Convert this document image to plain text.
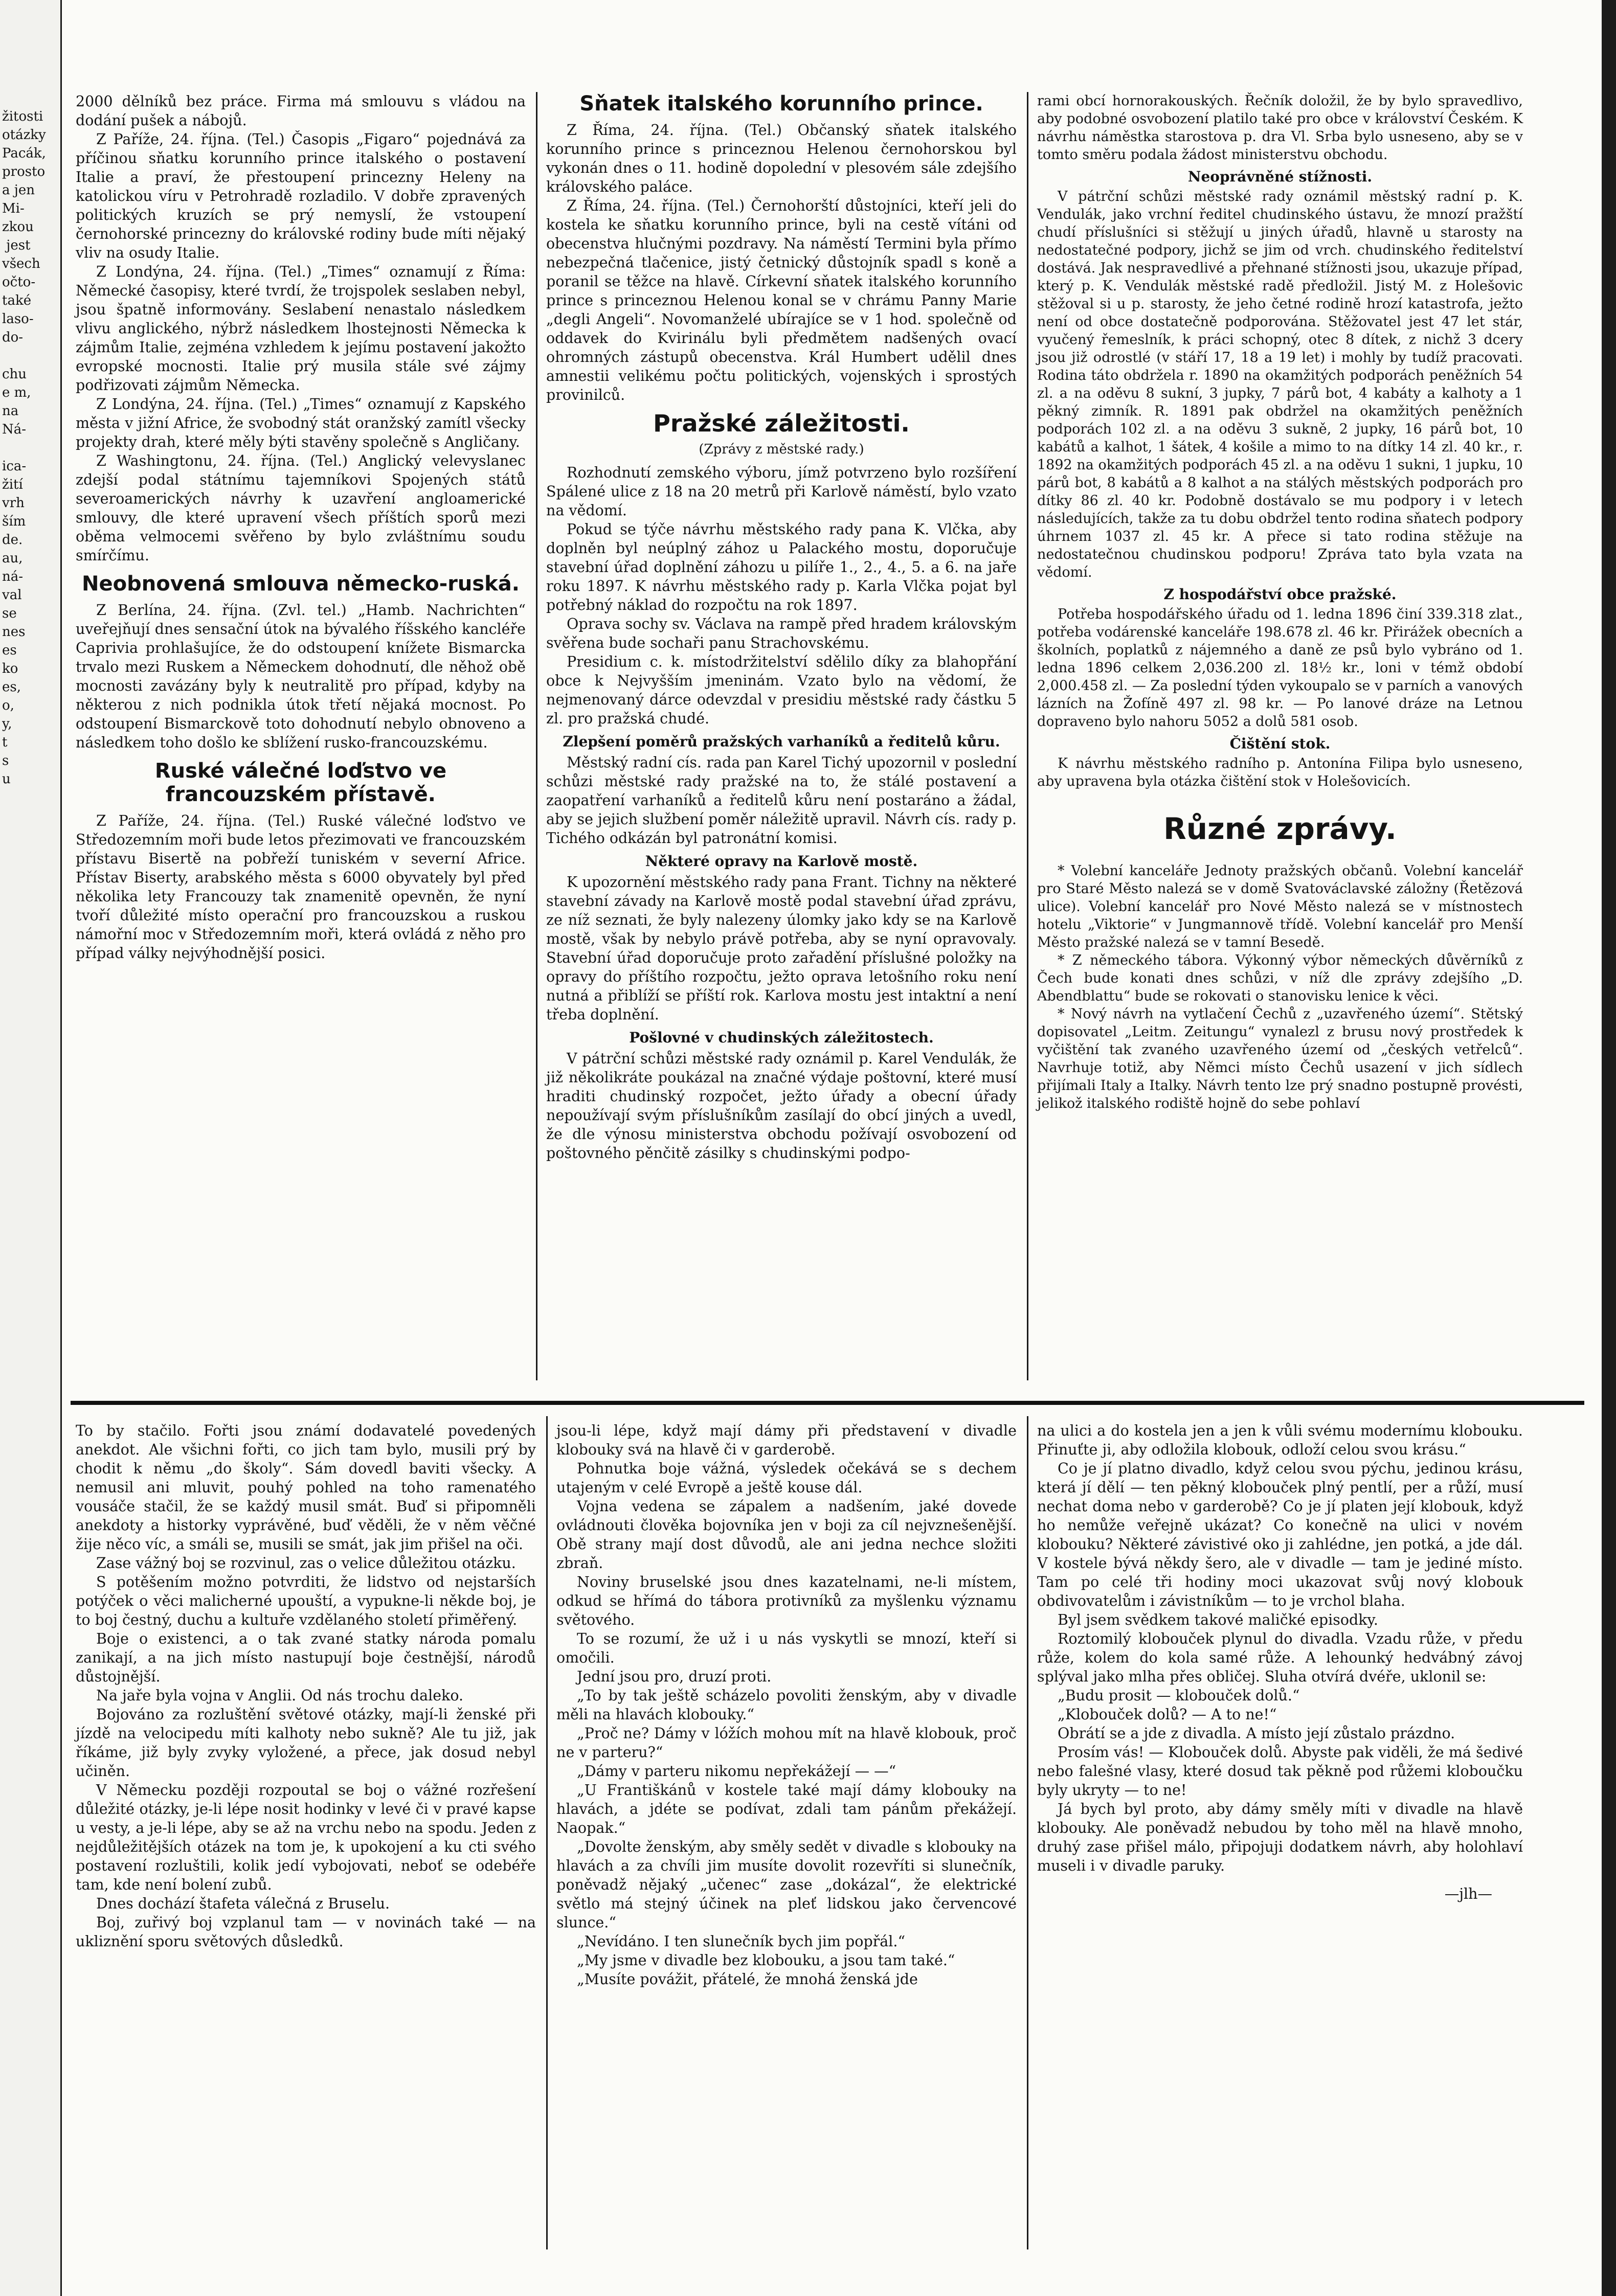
žitosti
otázky
Pacák,
prosto
a jen
Mi-
zkou
jest
všech
očto-
také
laso-
do-

chu
e m,
na
Ná-

ica-
žití
vrh
ším
de.
au,
ná-
val
se
nes
es
ko
es,
o,
y,
t
s
u

2000 dělníků bez práce. Firma má smlouvu s vládou na dodání pušek a nábojů.

Z Paříže, 24. října. (Tel.) Časopis „Figaro“ pojednává za příčinou sňatku korunního prince italského o postavení Italie a praví, že přestoupení princezny Heleny na katolickou víru v Petrohradě rozladilo. V dobře zpravených politických kruzích se prý nemyslí, že vstoupení černohorské princezny do královské rodiny bude míti nějaký vliv na osudy Italie.

Z Londýna, 24. října. (Tel.) „Times“ oznamují z Říma: Německé časopisy, které tvrdí, že trojspolek seslaben nebyl, jsou špatně informovány. Seslabení nenastalo následkem vlivu anglického, nýbrž následkem lhostejnosti Německa k zájmům Italie, zejména vzhledem k jejímu postavení jakožto evropské mocnosti. Italie prý musila stále své zájmy podřizovati zájmům Německa.

Z Londýna, 24. října. (Tel.) „Times“ oznamují z Kapského města v jižní Africe, že svobodný stát oranžský zamítl všecky projekty drah, které měly býti stavěny společně s Angličany.

Z Washingtonu, 24. října. (Tel.) Anglický velevyslanec zdejší podal státnímu tajemníkovi Spojených států severoamerických návrhy k uzavření angloamerické smlouvy, dle které upravení všech příštích sporů mezi oběma velmocemi svěřeno by bylo zvláštnímu soudu smírčímu.

Neobnovená smlouva německo-ruská.

Z Berlína, 24. října. (Zvl. tel.) „Hamb. Nachrichten“ uveřejňují dnes sensační útok na bývalého říšského kancléře Caprivia prohlašujíce, že do odstoupení knížete Bismarcka trvalo mezi Ruskem a Německem dohodnutí, dle něhož obě mocnosti zavázány byly k neutralitě pro případ, kdyby na některou z nich podnikla útok třetí nějaká mocnost. Po odstoupení Bismarckově toto dohodnutí nebylo obnoveno a následkem toho došlo ke sblížení rusko-francouzskému.

Ruské válečné loďstvo ve francouzském přístavě.

Z Paříže, 24. října. (Tel.) Ruské válečné loďstvo ve Středozemním moři bude letos přezimovati ve francouzském přístavu Bisertě na pobřeží tuniském v severní Africe. Přístav Biserty, arabského města s 6000 obyvately byl před několika lety Francouzy tak znamenitě opevněn, že nyní tvoří důležité místo operační pro francouzskou a ruskou námořní moc v Středozemním moři, která ovládá z něho pro případ války nejvýhodnější posici.

Sňatek italského korunního prince.

Z Říma, 24. října. (Tel.) Občanský sňatek italského korunního prince s princeznou Helenou černohorskou byl vykonán dnes o 11. hodině dopolední v plesovém sále zdejšího královského paláce.

Z Říma, 24. října. (Tel.) Černohorští důstojníci, kteří jeli do kostela ke sňatku korunního prince, byli na cestě vítáni od obecenstva hlučnými pozdravy. Na náměstí Termini byla přímo nebezpečná tlačenice, jistý četnický důstojník spadl s koně a poranil se těžce na hlavě. Církevní sňatek italského korunního prince s princeznou Helenou konal se v chrámu Panny Marie „degli Angeli“. Novomanželé ubírajíce se v 1 hod. společně od oddavek do Kvirinálu byli předmětem nadšených ovací ohromných zástupů obecenstva. Král Humbert udělil dnes amnestii velikému počtu politických, vojenských i sprostých provinilců.

Pražské záležitosti.
(Zprávy z městské rady.)

Rozhodnutí zemského výboru, jímž potvrzeno bylo rozšíření Spálené ulice z 18 na 20 metrů při Karlově náměstí, bylo vzato na vědomí.

Pokud se týče návrhu městského rady pana K. Vlčka, aby doplněn byl neúplný zához u Palackého mostu, doporučuje stavební úřad doplnění záhozu u pilíře 1., 2., 4., 5. a 6. na jaře roku 1897. K návrhu městského rady p. Karla Vlčka pojat byl potřebný náklad do rozpočtu na rok 1897.

Oprava sochy sv. Václava na rampě před hradem královským svěřena bude sochaři panu Strachovskému.

Presidium c. k. místodržitelství sdělilo díky za blahopřání obce k Nejvyšším jmeninám. Vzato bylo na vědomí, že nejmenovaný dárce odevzdal v presidiu městské rady částku 5 zl. pro pražská chudé.

Zlepšení poměrů pražských varhaníků a ředitelů kůru.

Městský radní cís. rada pan Karel Tichý upozornil v poslední schůzi městské rady pražské na to, že stálé postavení a zaopatření varhaníků a ředitelů kůru není postaráno a žádal, aby se jejich službení poměr náležitě upravil. Návrh cís. rady p. Tichého odkázán byl patronátní komisi.

Některé opravy na Karlově mostě.

K upozornění městského rady pana Frant. Tichny na některé stavební závady na Karlově mostě podal stavební úřad zprávu, ze níž seznati, že byly nalezeny úlomky jako kdy se na Karlově mostě, však by nebylo právě potřeba, aby se nyní opravovaly. Stavební úřad doporučuje proto zařadění příslušné položky na opravy do příštího rozpočtu, ježto oprava letošního roku není nutná a přiblíží se příští rok. Karlova mostu jest intaktní a není třeba doplnění.

Pošlovné v chudinských záležitostech.

V pátrční schůzi městské rady oznámil p. Karel Vendulák, že již několikráte poukázal na značné výdaje poštovní, které musí hraditi chudinský rozpočet, ježto úřady a obecní úřady nepoužívají svým příslušníkům zasílají do obcí jiných a uvedl, že dle výnosu ministerstva obchodu požívají osvobození od poštovného pěnčitě zásilky s chudinskými podpo-

rami obcí hornorakouských. Řečník doložil, že by bylo spravedlivo, aby podobné osvobození platilo také pro obce v království Českém. K návrhu náměstka starostova p. dra Vl. Srba bylo usneseno, aby se v tomto směru podala žádost ministerstvu obchodu.

Neoprávněné stížnosti.

V pátrční schůzi městské rady oznámil městský radní p. K. Vendulák, jako vrchní ředitel chudinského ústavu, že mnozí pražští chudí příslušníci si stěžují u jiných úřadů, hlavně u starosty na nedostatečné podpory, jichž se jim od vrch. chudinského ředitelství dostává. Jak nespravedlivé a přehnané stížnosti jsou, ukazuje případ, který p. K. Vendulák městské radě předložil. Jistý M. z Holešovic stěžoval si u p. starosty, že jeho četné rodině hrozí katastrofa, ježto není od obce dostatečně podporována. Stěžovatel jest 47 let stár, vyučený řemeslník, k práci schopný, otec 8 dítek, z nichž 3 dcery jsou již odrostlé (v stáří 17, 18 a 19 let) i mohly by tudíž pracovati. Rodina táto obdržela r. 1890 na okamžitých podporách peněžních 54 zl. a na oděvu 8 sukní, 3 jupky, 7 párů bot, 4 kabáty a kalhoty a 1 pěkný zimník. R. 1891 pak obdržel na okamžitých peněžních podporách 102 zl. a na oděvu 3 sukně, 2 jupky, 16 párů bot, 10 kabátů a kalhot, 1 šátek, 4 košile a mimo to na dítky 14 zl. 40 kr., r. 1892 na okamžitých podporách 45 zl. a na oděvu 1 sukni, 1 jupku, 10 párů bot, 8 kabátů a 8 kalhot a na stálých městských podporách pro dítky 86 zl. 40 kr. Podobně dostávalo se mu podpory i v letech následujících, takže za tu dobu obdržel tento rodina sňatech podpory úhrnem 1037 zl. 45 kr. A přece si tato rodina stěžuje na nedostatečnou chudinskou podporu! Zpráva tato byla vzata na vědomí.

Z hospodářství obce pražské.

Potřeba hospodářského úřadu od 1. ledna 1896 činí 339.318 zlat., potřeba vodárenské kanceláře 198.678 zl. 46 kr. Přirážek obecních a školních, poplatků z nájemného a daně ze psů bylo vybráno od 1. ledna 1896 celkem 2,036.200 zl. 18½ kr., loni v témž období 2,000.458 zl. — Za poslední týden vykoupalo se v parních a vanových lázních na Žofíně 497 zl. 98 kr. — Po lanové dráze na Letnou dopraveno bylo nahoru 5052 a dolů 581 osob.

Čištění stok.

K návrhu městského radního p. Antonína Filipa bylo usneseno, aby upravena byla otázka čištění stok v Holešovicích.

Různé zprávy.

* Volební kanceláře Jednoty pražských občanů. Volební kancelář pro Staré Město nalezá se v domě Svatováclavské záložny (Řetězová ulice). Volební kancelář pro Nové Město nalezá se v místnostech hotelu „Viktorie“ v Jungmannově třídě. Volební kancelář pro Menší Město pražské nalezá se v tamní Besedě.

* Z německého tábora. Výkonný výbor německých důvěrníků z Čech bude konati dnes schůzi, v níž dle zprávy zdejšího „D. Abendblattu“ bude se rokovati o stanovisku lenice k věci.

* Nový návrh na vytlačení Čechů z „uzavřeného území“. Stětský dopisovatel „Leitm. Zeitungu“ vynalezl z brusu nový prostředek k vyčištění tak zvaného uzavřeného území od „českých vetřelců“. Navrhuje totiž, aby Němci místo Čechů usazení v jich sídlech přijímali Italy a Italky. Návrh tento lze prý snadno postupně provésti, jelikož italského rodiště hojně do sebe pohlaví

To by stačilo. Fořti jsou známí dodavatelé povedených anekdot. Ale všichni fořti, co jich tam bylo, musili prý by chodit k němu „do školy“. Sám dovedl baviti všecky. A nemusil ani mluvit, pouhý pohled na toho ramenatého vousáče stačil, že se každý musil smát. Buď si připomněli anekdoty a historky vyprávěné, buď věděli, že v něm věčné žije něco víc, a smáli se, musili se smát, jak jim přišel na oči.

Zase vážný boj se rozvinul, zas o velice důležitou otázku.

S potěšením možno potvrditi, že lidstvo od nejstarších potýček o věci malicherné upouští, a vypukne-li někde boj, je to boj čestný, duchu a kultuře vzdělaného století přiměřený.

Boje o existenci, a o tak zvané statky národa pomalu zanikají, a na jich místo nastupují boje čestnější, národů důstojnější.

Na jaře byla vojna v Anglii. Od nás trochu daleko.

Bojováno za rozluštění světové otázky, mají-li ženské při jízdě na velocipedu míti kalhoty nebo sukně? Ale tu již, jak říkáme, již byly zvyky vyložené, a přece, jak dosud nebyl učiněn.

V Německu později rozpoutal se boj o vážné rozřešení důležité otázky, je-li lépe nosit hodinky v levé či v pravé kapse u vesty, a je-li lépe, aby se až na vrchu nebo na spodu. Jeden z nejdůležitějších otázek na tom je, k upokojení a ku cti svého postavení rozluštili, kolik jedí vybojovati, neboť se odebéře tam, kde není bolení zubů.

Dnes dochází štafeta válečná z Bruselu.

Boj, zuřivý boj vzplanul tam — v novinách také — na ukliznění sporu světových důsledků.

jsou-li lépe, když mají dámy při představení v divadle klobouky svá na hlavě či v garderobě.

Pohnutka boje vážná, výsledek očekává se s dechem utajeným v celé Evropě a ještě kouse dál.

Vojna vedena se zápalem a nadšením, jaké dovede ovládnouti člověka bojovníka jen v boji za cíl nejvznešenější. Obě strany mají dost důvodů, ale ani jedna nechce složiti zbraň.

Noviny bruselské jsou dnes kazatelnami, ne-li místem, odkud se hřímá do tábora protivníků za myšlenku významu světového.

To se rozumí, že už i u nás vyskytli se mnozí, kteří si omočili.

Jední jsou pro, druzí proti.

„To by tak ještě scházelo povoliti ženským, aby v divadle měli na hlavách klobouky.“

„Proč ne? Dámy v lóžích mohou mít na hlavě klobouk, proč ne v parteru?“

„Dámy v parteru nikomu nepřekážejí — —“

„U Františkánů v kostele také mají dámy klobouky na hlavách, a jdéte se podívat, zdali tam pánům překážejí. Naopak.“

„Dovolte ženským, aby směly sedět v divadle s klobouky na hlavách a za chvíli jim musíte dovolit rozevříti si slunečník, poněvadž nějaký „učenec“ zase „dokázal“, že elektrické světlo má stejný účinek na pleť lidskou jako červencové slunce.“

„Nevídáno. I ten slunečník bych jim popřál.“

„My jsme v divadle bez klobouku, a jsou tam také.“

„Musíte povážit, přátelé, že mnohá ženská jde

na ulici a do kostela jen a jen k vůli svému modernímu klobouku. Přinuťte ji, aby odložila klobouk, odloží celou svou krásu.“

Co je jí platno divadlo, když celou svou pýchu, jedinou krásu, která jí dělí — ten pěkný klobouček plný pentlí, per a růží, musí nechat doma nebo v garderobě? Co je jí platen její klobouk, když ho nemůže veřejně ukázat? Co konečně na ulici v novém klobouku? Některé závistivé oko ji zahlédne, jen potká, a jde dál. V kostele bývá někdy šero, ale v divadle — tam je jediné místo. Tam po celé tři hodiny moci ukazovat svůj nový klobouk obdivovatelům i závistníkům — to je vrchol blaha.

Byl jsem svědkem takové maličké episodky.

Roztomilý klobouček plynul do divadla. Vzadu růže, v předu růže, kolem do kola samé růže. A lehounký hedvábný závoj splýval jako mlha přes obličej. Sluha otvírá dvéře, uklonil se:

„Budu prosit — klobouček dolů.“

„Klobouček dolů? — A to ne!“

Obrátí se a jde z divadla. A místo její zůstalo prázdno.

Prosím vás! — Klobouček dolů. Abyste pak viděli, že má šedivé nebo falešné vlasy, které dosud tak pěkně pod růžemi kloboučku byly ukryty — to ne!

Já bych byl proto, aby dámy směly míti v divadle na hlavě klobouky. Ale poněvadž nebudou by toho měl na hlavě mnoho, druhý zase přišel málo, připojuji dodatkem návrh, aby holohlaví museli i v divadle paruky.

—jlh—
